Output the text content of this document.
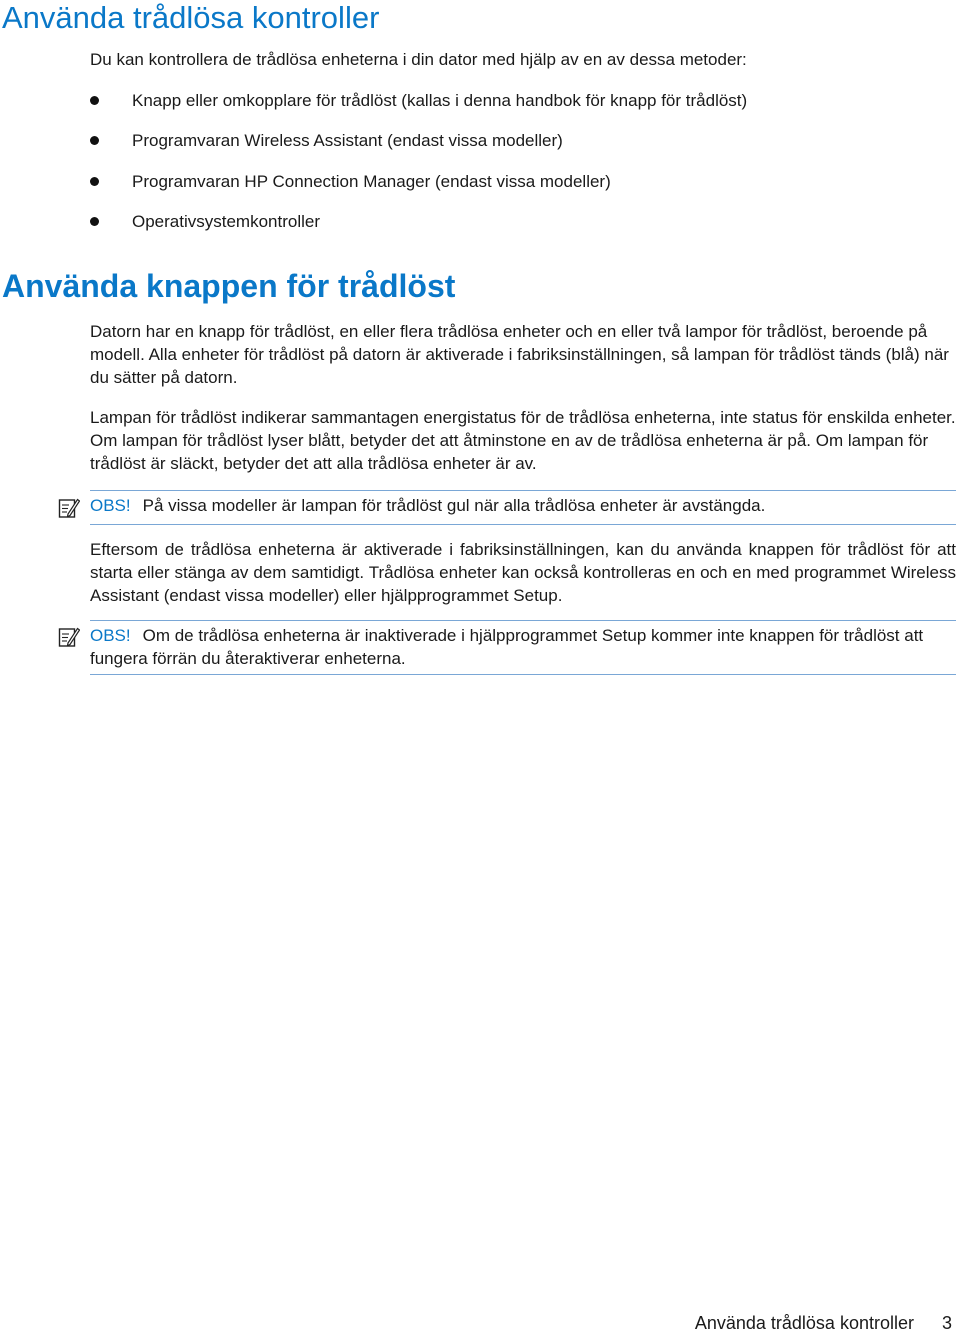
Använda trådlösa kontroller

Du kan kontrollera de trådlösa enheterna i din dator med hjälp av en av dessa metoder:

Knapp eller omkopplare för trådlöst (kallas i denna handbok för knapp för trådlöst)
Programvaran Wireless Assistant (endast vissa modeller)
Programvaran HP Connection Manager (endast vissa modeller)
Operativsystemkontroller
Använda knappen för trådlöst

Datorn har en knapp för trådlöst, en eller flera trådlösa enheter och en eller två lampor för trådlöst, beroende på modell. Alla enheter för trådlöst på datorn är aktiverade i fabriksinställningen, så lampan för trådlöst tänds (blå) när du sätter på datorn.

Lampan för trådlöst indikerar sammantagen energistatus för de trådlösa enheterna, inte status för enskilda enheter. Om lampan för trådlöst lyser blått, betyder det att åtminstone en av de trådlösa enheterna är på. Om lampan för trådlöst är släckt, betyder det att alla trådlösa enheter är av.

OBS! På vissa modeller är lampan för trådlöst gul när alla trådlösa enheter är avstängda.

Eftersom de trådlösa enheterna är aktiverade i fabriksinställningen, kan du använda knappen för trådlöst för att starta eller stänga av dem samtidigt. Trådlösa enheter kan också kontrolleras en och en med programmet Wireless Assistant (endast vissa modeller) eller hjälpprogrammet Setup.

OBS! Om de trådlösa enheterna är inaktiverade i hjälpprogrammet Setup kommer inte knappen för trådlöst att fungera förrän du återaktiverar enheterna.
Använda trådlösa kontroller 3
